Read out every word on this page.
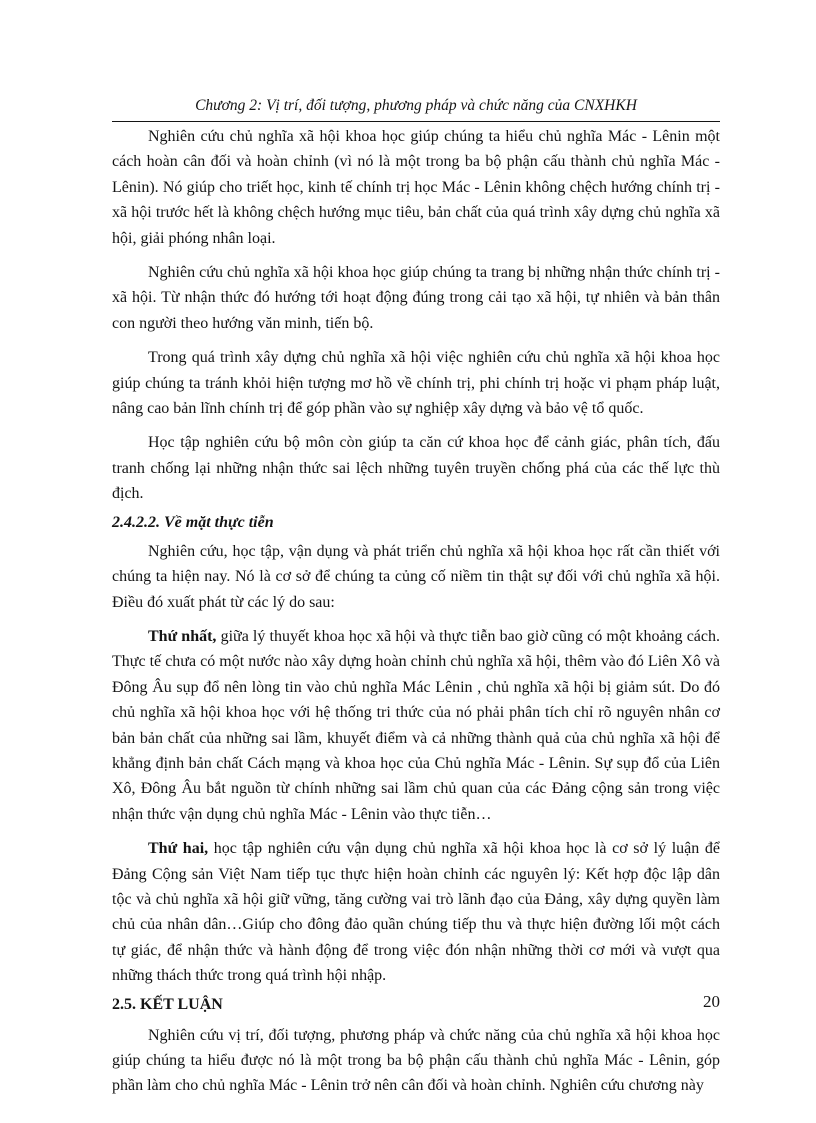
Chương 2: Vị trí, đối tượng, phương pháp và chức năng của CNXHKH

Nghiên cứu chủ nghĩa xã hội khoa học giúp chúng ta hiểu chủ nghĩa Mác - Lênin một cách hoàn cân đối và hoàn chỉnh (vì nó là một trong ba bộ phận cấu thành chủ nghĩa Mác - Lênin). Nó giúp cho triết học, kinh tế chính trị học Mác - Lênin không chệch hướng chính trị - xã hội trước hết là không chệch hướng mục tiêu, bản chất của quá trình xây dựng chủ nghĩa xã hội, giải phóng nhân loại.

Nghiên cứu chủ nghĩa xã hội khoa học giúp chúng ta trang bị những nhận thức chính trị - xã hội. Từ nhận thức đó hướng tới hoạt động đúng trong cải tạo xã hội, tự nhiên và bản thân con người theo hướng văn minh, tiến bộ.

Trong quá trình xây dựng chủ nghĩa xã hội việc nghiên cứu chủ nghĩa xã hội khoa học giúp chúng ta tránh khỏi hiện tượng mơ hồ về chính trị, phi chính trị hoặc vi phạm pháp luật, nâng cao bản lĩnh chính trị để góp phần vào sự nghiệp xây dựng và bảo vệ tổ quốc.

Học tập nghiên cứu bộ môn còn giúp ta căn cứ khoa học để cảnh giác, phân tích, đấu tranh chống lại những nhận thức sai lệch những tuyên truyền chống phá của các thế lực thù địch.

2.4.2.2. Về mặt thực tiễn

Nghiên cứu, học tập, vận dụng và phát triển chủ nghĩa xã hội khoa học rất cần thiết với chúng ta hiện nay. Nó là cơ sở để chúng ta củng cố niềm tin thật sự đối với chủ nghĩa xã hội. Điều đó xuất phát từ các lý do sau:

Thứ nhất, giữa lý thuyết khoa học xã hội và thực tiễn bao giờ cũng có một khoảng cách. Thực tế chưa có một nước nào xây dựng hoàn chỉnh chủ nghĩa xã hội, thêm vào đó Liên Xô và Đông Âu sụp đổ nên lòng tin vào chủ nghĩa Mác Lênin , chủ nghĩa xã hội bị giảm sút. Do đó chủ nghĩa xã hội khoa học với hệ thống tri thức của nó phải phân tích chỉ rõ nguyên nhân cơ bản bản chất của những sai lầm, khuyết điểm và cả những thành quả của chủ nghĩa xã hội để khẳng định bản chất Cách mạng và khoa học của Chủ nghĩa Mác - Lênin. Sự sụp đổ của Liên Xô, Đông Âu bắt nguồn từ chính những sai lầm chủ quan của các Đảng cộng sản trong việc nhận thức vận dụng chủ nghĩa Mác - Lênin vào thực tiễn…

Thứ hai, học tập nghiên cứu vận dụng chủ nghĩa xã hội khoa học là cơ sở lý luận để Đảng Cộng sản Việt Nam tiếp tục thực hiện hoàn chỉnh các nguyên lý: Kết hợp độc lập dân tộc và chủ nghĩa xã hội giữ vững, tăng cường vai trò lãnh đạo của Đảng, xây dựng quyền làm chủ của nhân dân…Giúp cho đông đảo quần chúng tiếp thu và thực hiện đường lối một cách tự giác, để nhận thức và hành động để trong việc đón nhận những thời cơ mới và vượt qua những thách thức trong quá trình hội nhập.

2.5. KẾT LUẬN

Nghiên cứu vị trí, đối tượng, phương pháp và chức năng của chủ nghĩa xã hội khoa học giúp chúng ta hiểu được nó là một trong ba bộ phận cấu thành chủ nghĩa Mác - Lênin, góp phần làm cho chủ nghĩa Mác - Lênin trở nên cân đối và hoàn chỉnh. Nghiên cứu chương này

20
